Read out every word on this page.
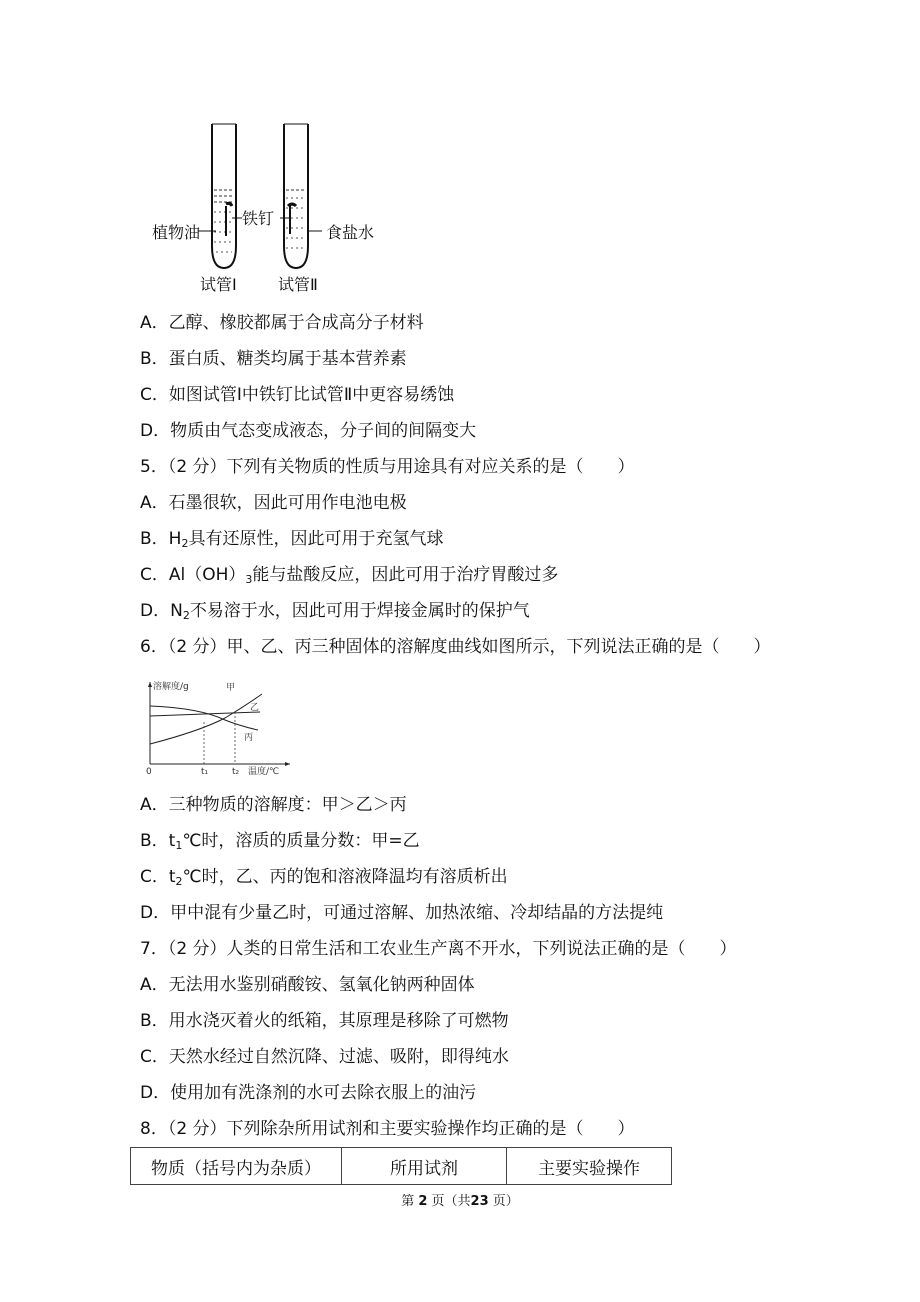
植物油
铁钉
食盐水
试管Ⅰ	试管Ⅱ
A．乙醇、橡胶都属于合成高分子材料
B．蛋白质、糖类均属于基本营养素
C．如图试管Ⅰ中铁钉比试管Ⅱ中更容易绣蚀
D．物质由气态变成液态，分子间的间隔变大
5．（2 分）下列有关物质的性质与用途具有对应关系的是（　　）
A．石墨很软，因此可用作电池电极
B．$H_2$具有还原性，因此可用于充氢气球
C．$Al(OH)_3$能与盐酸反应，因此可用于治疗胃酸过多
D．$N_2$不易溶于水，因此可用于焊接金属时的保护气
6．（2 分）甲、乙、丙三种固体的溶解度曲线如图所示，下列说法正确的是（　　）
溶解度/g
温度/℃
0	t₁	t₂
甲
乙
丙
A．三种物质的溶解度：甲＞乙＞丙
B．$t_1℃$时，溶质的质量分数：甲=乙
C．$t_2℃$时，乙、丙的饱和溶液降温均有溶质析出
D．甲中混有少量乙时，可通过溶解、加热浓缩、冷却结晶的方法提纯
7．（2 分）人类的日常生活和工农业生产离不开水，下列说法正确的是（　　）
A．无法用水鉴别硝酸铵、氢氧化钠两种固体
B．用水浇灭着火的纸箱，其原理是移除了可燃物
C．天然水经过自然沉降、过滤、吸附，即得纯水
D．使用加有洗涤剂的水可去除衣服上的油污
8．（2 分）下列除杂所用试剂和主要实验操作均正确的是（　　）
物质（括号内为杂质）	所用试剂	主要实验操作
第 2 页（共23 页）
